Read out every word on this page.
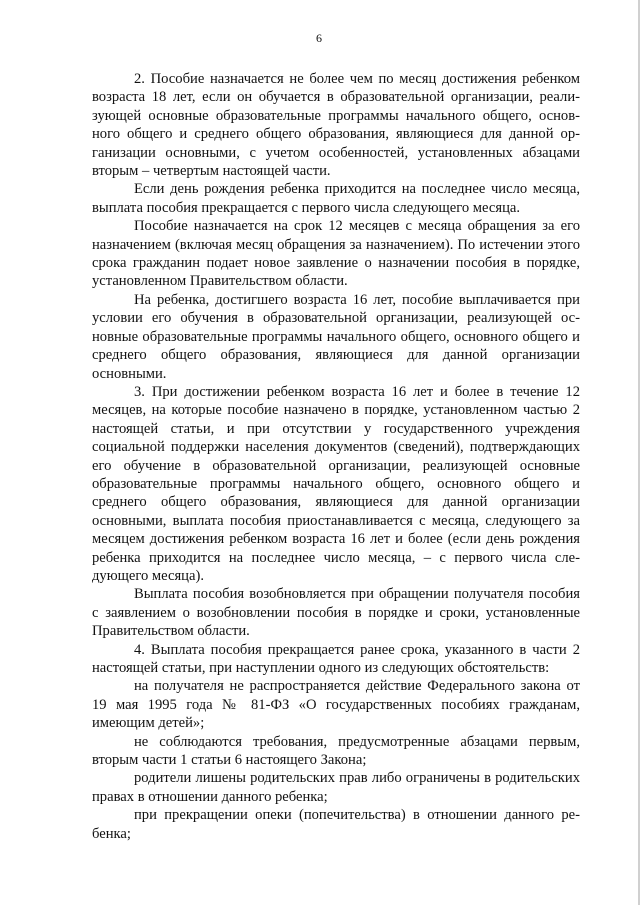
6

2. Пособие назначается не более чем по месяц достижения ребенком возраста 18 лет, если он обучается в образовательной организации, реализующей основные образовательные программы начального общего, основного общего и среднего общего образования, являющиеся для данной организации основными, с учетом особенностей, установленных абзацами вторым – четвертым настоящей части.

Если день рождения ребенка приходится на последнее число месяца, выплата пособия прекращается с первого числа следующего месяца.

Пособие назначается на срок 12 месяцев с месяца обращения за его назначением (включая месяц обращения за назначением). По истечении этого срока гражданин подает новое заявление о назначении пособия в порядке, установленном Правительством области.

На ребенка, достигшего возраста 16 лет, пособие выплачивается при условии его обучения в образовательной организации, реализующей основные образовательные программы начального общего, основного общего и среднего общего образования, являющиеся для данной организации основными.

3. При достижении ребенком возраста 16 лет и более в течение 12 месяцев, на которые пособие назначено в порядке, установленном частью 2 настоящей статьи, и при отсутствии у государственного учреждения социальной поддержки населения документов (сведений), подтверждающих его обучение в образовательной организации, реализующей основные образовательные программы начального общего, основного общего и среднего общего образования, являющиеся для данной организации основными, выплата пособия приостанавливается с месяца, следующего за месяцем достижения ребенком возраста 16 лет и более (если день рождения ребенка приходится на последнее число месяца, – с первого числа следующего месяца).

Выплата пособия возобновляется при обращении получателя пособия с заявлением о возобновлении пособия в порядке и сроки, установленные Правительством области.

4. Выплата пособия прекращается ранее срока, указанного в части 2 настоящей статьи, при наступлении одного из следующих обстоятельств:

на получателя не распространяется действие Федерального закона от 19 мая 1995 года № 81-ФЗ «О государственных пособиях гражданам, имеющим детей»;

не соблюдаются требования, предусмотренные абзацами первым, вторым части 1 статьи 6 настоящего Закона;

родители лишены родительских прав либо ограничены в родительских правах в отношении данного ребенка;

при прекращении опеки (попечительства) в отношении данного ребенка;
